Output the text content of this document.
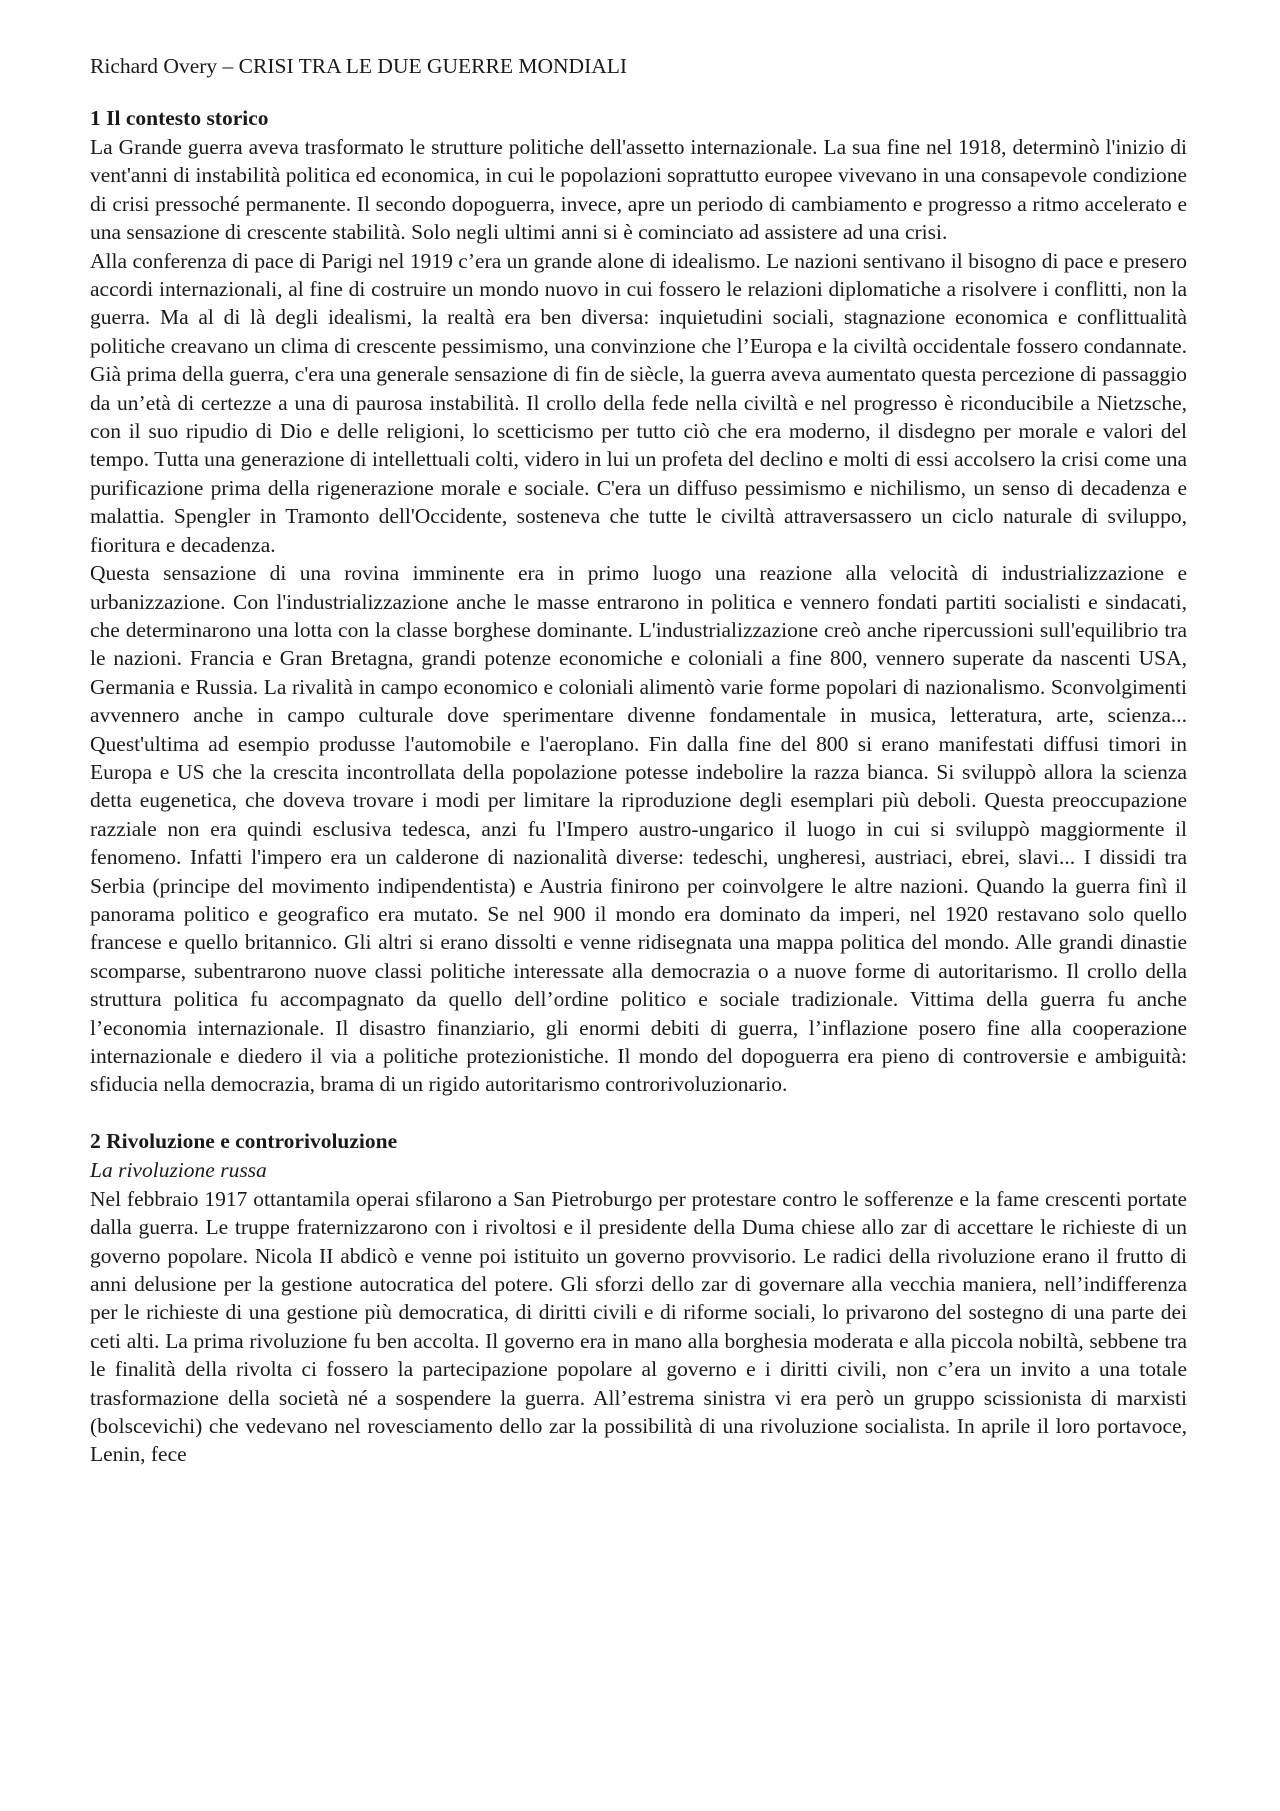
Richard Overy – CRISI TRA LE DUE GUERRE MONDIALI
1 Il contesto storico

La Grande guerra aveva trasformato le strutture politiche dell'assetto internazionale. La sua fine nel 1918, determinò l'inizio di vent'anni di instabilità politica ed economica, in cui le popolazioni soprattutto europee vivevano in una consapevole condizione di crisi pressoché permanente. Il secondo dopoguerra, invece, apre un periodo di cambiamento e progresso a ritmo accelerato e una sensazione di crescente stabilità. Solo negli ultimi anni si è cominciato ad assistere ad una crisi.

Alla conferenza di pace di Parigi nel 1919 c’era un grande alone di idealismo. Le nazioni sentivano il bisogno di pace e presero accordi internazionali, al fine di costruire un mondo nuovo in cui fossero le relazioni diplomatiche a risolvere i conflitti, non la guerra. Ma al di là degli idealismi, la realtà era ben diversa: inquietudini sociali, stagnazione economica e conflittualità politiche creavano un clima di crescente pessimismo, una convinzione che l’Europa e la civiltà occidentale fossero condannate. Già prima della guerra, c'era una generale sensazione di fin de siècle, la guerra aveva aumentato questa percezione di passaggio da un’età di certezze a una di paurosa instabilità. Il crollo della fede nella civiltà e nel progresso è riconducibile a Nietzsche, con il suo ripudio di Dio e delle religioni, lo scetticismo per tutto ciò che era moderno, il disdegno per morale e valori del tempo. Tutta una generazione di intellettuali colti, videro in lui un profeta del declino e molti di essi accolsero la crisi come una purificazione prima della rigenerazione morale e sociale. C'era un diffuso pessimismo e nichilismo, un senso di decadenza e malattia. Spengler in Tramonto dell'Occidente, sosteneva che tutte le civiltà attraversassero un ciclo naturale di sviluppo, fioritura e decadenza.

Questa sensazione di una rovina imminente era in primo luogo una reazione alla velocità di industrializzazione e urbanizzazione. Con l'industrializzazione anche le masse entrarono in politica e vennero fondati partiti socialisti e sindacati, che determinarono una lotta con la classe borghese dominante. L'industrializzazione creò anche ripercussioni sull'equilibrio tra le nazioni. Francia e Gran Bretagna, grandi potenze economiche e coloniali a fine 800, vennero superate da nascenti USA, Germania e Russia. La rivalità in campo economico e coloniali alimentò varie forme popolari di nazionalismo. Sconvolgimenti avvennero anche in campo culturale dove sperimentare divenne fondamentale in musica, letteratura, arte, scienza... Quest'ultima ad esempio produsse l'automobile e l'aeroplano. Fin dalla fine del 800 si erano manifestati diffusi timori in Europa e US che la crescita incontrollata della popolazione potesse indebolire la razza bianca. Si sviluppò allora la scienza detta eugenetica, che doveva trovare i modi per limitare la riproduzione degli esemplari più deboli. Questa preoccupazione razziale non era quindi esclusiva tedesca, anzi fu l'Impero austro-ungarico il luogo in cui si sviluppò maggiormente il fenomeno. Infatti l'impero era un calderone di nazionalità diverse: tedeschi, ungheresi, austriaci, ebrei, slavi... I dissidi tra Serbia (principe del movimento indipendentista) e Austria finirono per coinvolgere le altre nazioni. Quando la guerra finì il panorama politico e geografico era mutato. Se nel 900 il mondo era dominato da imperi, nel 1920 restavano solo quello francese e quello britannico. Gli altri si erano dissolti e venne ridisegnata una mappa politica del mondo. Alle grandi dinastie scomparse, subentrarono nuove classi politiche interessate alla democrazia o a nuove forme di autoritarismo. Il crollo della struttura politica fu accompagnato da quello dell’ordine politico e sociale tradizionale. Vittima della guerra fu anche l’economia internazionale. Il disastro finanziario, gli enormi debiti di guerra, l’inflazione posero fine alla cooperazione internazionale e diedero il via a politiche protezionistiche. Il mondo del dopoguerra era pieno di controversie e ambiguità: sfiducia nella democrazia, brama di un rigido autoritarismo controrivoluzionario.

2 Rivoluzione e controrivoluzione
La rivoluzione russa

Nel febbraio 1917 ottantamila operai sfilarono a San Pietroburgo per protestare contro le sofferenze e la fame crescenti portate dalla guerra. Le truppe fraternizzarono con i rivoltosi e il presidente della Duma chiese allo zar di accettare le richieste di un governo popolare. Nicola II abdicò e venne poi istituito un governo provvisorio. Le radici della rivoluzione erano il frutto di anni delusione per la gestione autocratica del potere. Gli sforzi dello zar di governare alla vecchia maniera, nell’indifferenza per le richieste di una gestione più democratica, di diritti civili e di riforme sociali, lo privarono del sostegno di una parte dei ceti alti. La prima rivoluzione fu ben accolta. Il governo era in mano alla borghesia moderata e alla piccola nobiltà, sebbene tra le finalità della rivolta ci fossero la partecipazione popolare al governo e i diritti civili, non c’era un invito a una totale trasformazione della società né a sospendere la guerra. All’estrema sinistra vi era però un gruppo scissionista di marxisti (bolscevichi) che vedevano nel rovesciamento dello zar la possibilità di una rivoluzione socialista. In aprile il loro portavoce, Lenin, fece
